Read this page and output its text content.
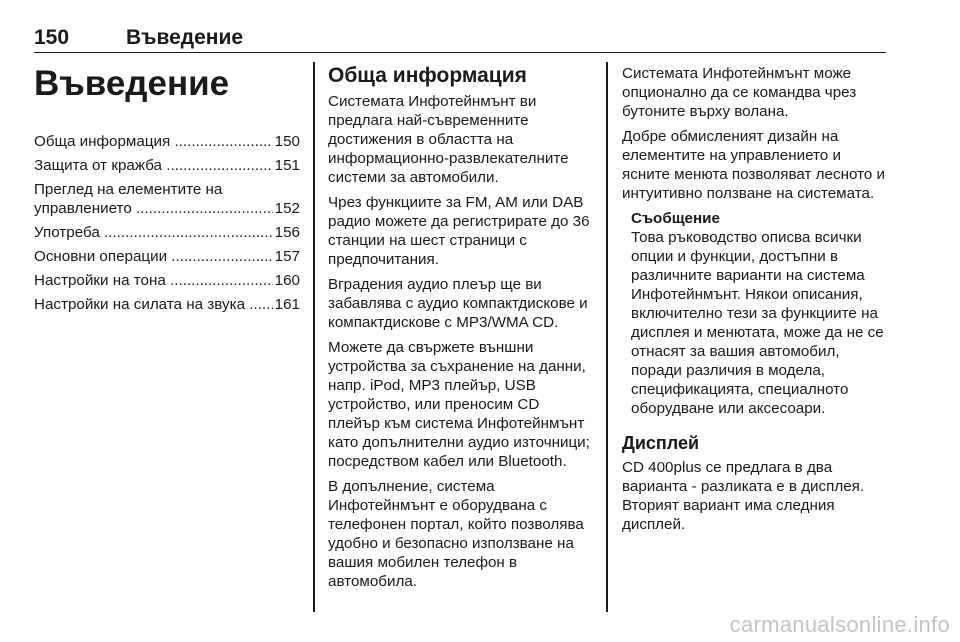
150	Въведение
Въведение
Обща информация .....	150
Защита от кражба .....	151
Преглед на елементите на
управлението .....	152
Употреба .....	156
Основни операции .....	157
Настройки на тона .....	160
Настройки на силата на звука .....	161
Обща информация

Системата Инфотейнмънт ви предлага най-съвременните достижения в областта на информационно-развлекателните системи за автомобили.

Чрез функциите за FM, AM или DAB радио можете да регистрирате до 36 станции на шест страници с предпочитания.

Вградения аудио плеър ще ви забавлява с аудио компактдискове и компактдискове с MP3/WMA CD.

Можете да свържете външни устройства за съхранение на данни, напр. iPod, MP3 плейър, USB устройство, или преносим CD плейър към система Инфотейнмънт като допълнителни аудио източници; посредством кабел или Bluetooth.

В допълнение, система Инфотейнмънт е оборудвана с телефонен портал, който позволява удобно и безопасно използване на вашия мобилен телефон в автомобила.

Системата Инфотейнмънт може опционално да се командва чрез бутоните върху волана.

Добре обмисленият дизайн на елементите на управлението и ясните менюта позволяват лесното и интуитивно ползване на системата.

Съобщение

Това ръководство описва всички опции и функции, достъпни в различните варианти на система Инфотейнмънт. Някои описания, включително тези за функциите на дисплея и менютата, може да не се отнасят за вашия автомобил, поради различия в модела, спецификацията, специалното оборудване или аксесоари.

Дисплей

CD 400plus се предлага в два варианта - разликата е в дисплея. Вторият вариант има следния дисплей.

carmanualsonline.info
